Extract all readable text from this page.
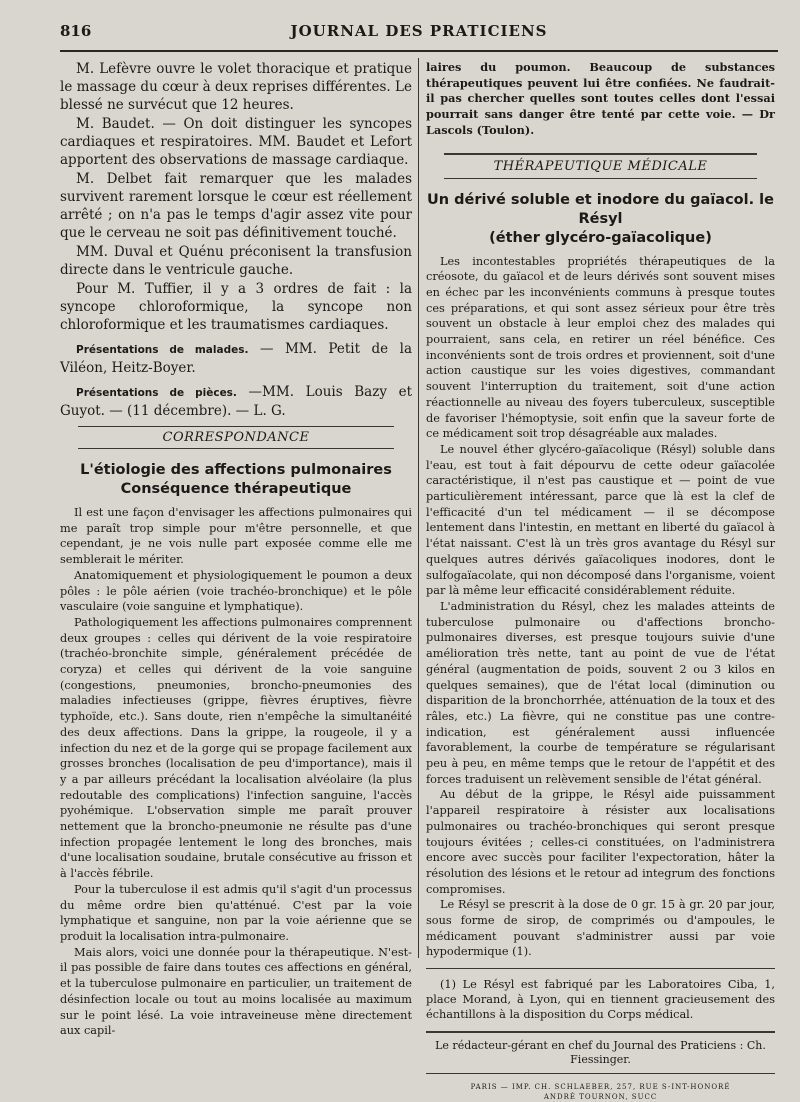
816	JOURNAL DES PRATICIENS

M. Lefèvre ouvre le volet thoracique et pratique le massage du cœur à deux reprises différentes. Le blessé ne survécut que 12 heures.

M. Baudet. — On doit distinguer les syncopes cardiaques et respiratoires. MM. Baudet et Lefort apportent des observations de massage cardiaque.

M. Delbet fait remarquer que les malades survivent rarement lorsque le cœur est réellement arrêté ; on n'a pas le temps d'agir assez vite pour que le cerveau ne soit pas définitivement touché.

MM. Duval et Quénu préconisent la transfusion directe dans le ventricule gauche.

Pour M. Tuffier, il y a 3 ordres de fait : la syncope chloroformique, la syncope non chloroformique et les traumatismes cardiaques.

Présentations de malades. — MM. Petit de la Viléon, Heitz-Boyer.

Présentations de pièces. —MM. Louis Bazy et Guyot. — (11 décembre). — L. G.

CORRESPONDANCE
L'étiologie des affections pulmonaires
Conséquence thérapeutique

Il est une façon d'envisager les affections pulmonaires qui me paraît trop simple pour m'être personnelle, et que cependant, je ne vois nulle part exposée comme elle me semblerait le mériter.

Anatomiquement et physiologiquement le poumon a deux pôles : le pôle aérien (voie trachéo-bronchique) et le pôle vasculaire (voie sanguine et lymphatique).

Pathologiquement les affections pulmonaires comprennent deux groupes : celles qui dérivent de la voie respiratoire (trachéo-bronchite simple, généralement précédée de coryza) et celles qui dérivent de la voie sanguine (congestions, pneumonies, broncho-pneumonies des maladies infectieuses (grippe, fièvres éruptives, fièvre typhoïde, etc.). Sans doute, rien n'empêche la simultanéité des deux affections. Dans la grippe, la rougeole, il y a infection du nez et de la gorge qui se propage facilement aux grosses bronches (localisation de peu d'importance), mais il y a par ailleurs précédant la localisation alvéolaire (la plus redoutable des complications) l'infection sanguine, l'accès pyohémique. L'observation simple me paraît prouver nettement que la broncho-pneumonie ne résulte pas d'une infection propagée lentement le long des bronches, mais d'une localisation soudaine, brutale consécutive au frisson et à l'accès fébrile.

Pour la tuberculose il est admis qu'il s'agit d'un processus du même ordre bien qu'atténué. C'est par la voie lymphatique et sanguine, non par la voie aérienne que se produit la localisation intra-pulmonaire.

Mais alors, voici une donnée pour la thérapeutique. N'est-il pas possible de faire dans toutes ces affections en général, et la tuberculose pulmonaire en particulier, un traitement de désinfection locale ou tout au moins localisée au maximum sur le point lésé. La voie intraveineuse mène directement aux capil-

laires du poumon. Beaucoup de substances thérapeutiques peuvent lui être confiées. Ne faudrait-il pas chercher quelles sont toutes celles dont l'essai pourrait sans danger être tenté par cette voie. — Dr Lascols (Toulon).

THÉRAPEUTIQUE MÉDICALE
Un dérivé soluble et inodore du gaïacol. le Résyl
(éther glycéro-gaïacolique)

Les incontestables propriétés thérapeutiques de la créosote, du gaïacol et de leurs dérivés sont souvent mises en échec par les inconvénients communs à presque toutes ces préparations, et qui sont assez sérieux pour être très souvent un obstacle à leur emploi chez des malades qui pourraient, sans cela, en retirer un réel bénéfice. Ces inconvénients sont de trois ordres et proviennent, soit d'une action caustique sur les voies digestives, commandant souvent l'interruption du traitement, soit d'une action réactionnelle au niveau des foyers tuberculeux, susceptible de favoriser l'hémoptysie, soit enfin que la saveur forte de ce médicament soit trop désagréable aux malades.

Le nouvel éther glycéro-gaïacolique (Résyl) soluble dans l'eau, est tout à fait dépourvu de cette odeur gaïacolée caractéristique, il n'est pas caustique et — point de vue particulièrement intéressant, parce que là est la clef de l'efficacité d'un tel médicament — il se décompose lentement dans l'intestin, en mettant en liberté du gaïacol à l'état naissant. C'est là un très gros avantage du Résyl sur quelques autres dérivés gaïacoliques inodores, dont le sulfogaïacolate, qui non décomposé dans l'organisme, voient par là même leur efficacité considérablement réduite.

L'administration du Résyl, chez les malades atteints de tuberculose pulmonaire ou d'affections broncho-pulmonaires diverses, est presque toujours suivie d'une amélioration très nette, tant au point de vue de l'état général (augmentation de poids, souvent 2 ou 3 kilos en quelques semaines), que de l'état local (diminution ou disparition de la bronchorrhée, atténuation de la toux et des râles, etc.) La fièvre, qui ne constitue pas une contre-indication, est généralement aussi influencée favorablement, la courbe de température se régularisant peu à peu, en même temps que le retour de l'appétit et des forces traduisent un relèvement sensible de l'état général.

Au début de la grippe, le Résyl aide puissamment l'appareil respiratoire à résister aux localisations pulmonaires ou trachéo-bronchiques qui seront presque toujours évitées ; celles-ci constituées, on l'administrera encore avec succès pour faciliter l'expectoration, hâter la résolution des lésions et le retour ad integrum des fonctions compromises.

Le Résyl se prescrit à la dose de 0 gr. 15 à gr. 20 par jour, sous forme de sirop, de comprimés ou d'ampoules, le médicament pouvant s'administrer aussi par voie hypodermique (1).

(1) Le Résyl est fabriqué par les Laboratoires Ciba, 1, place Morand, à Lyon, qui en tiennent gracieusement des échantillons à la disposition du Corps médical.

Le rédacteur-gérant en chef du Journal des Praticiens : Ch. Fiessinger.
PARIS — IMP. CH. SCHLAEBER, 257, RUE S-INT-HONORÉ
ANDRÉ TOURNON, SUCC
